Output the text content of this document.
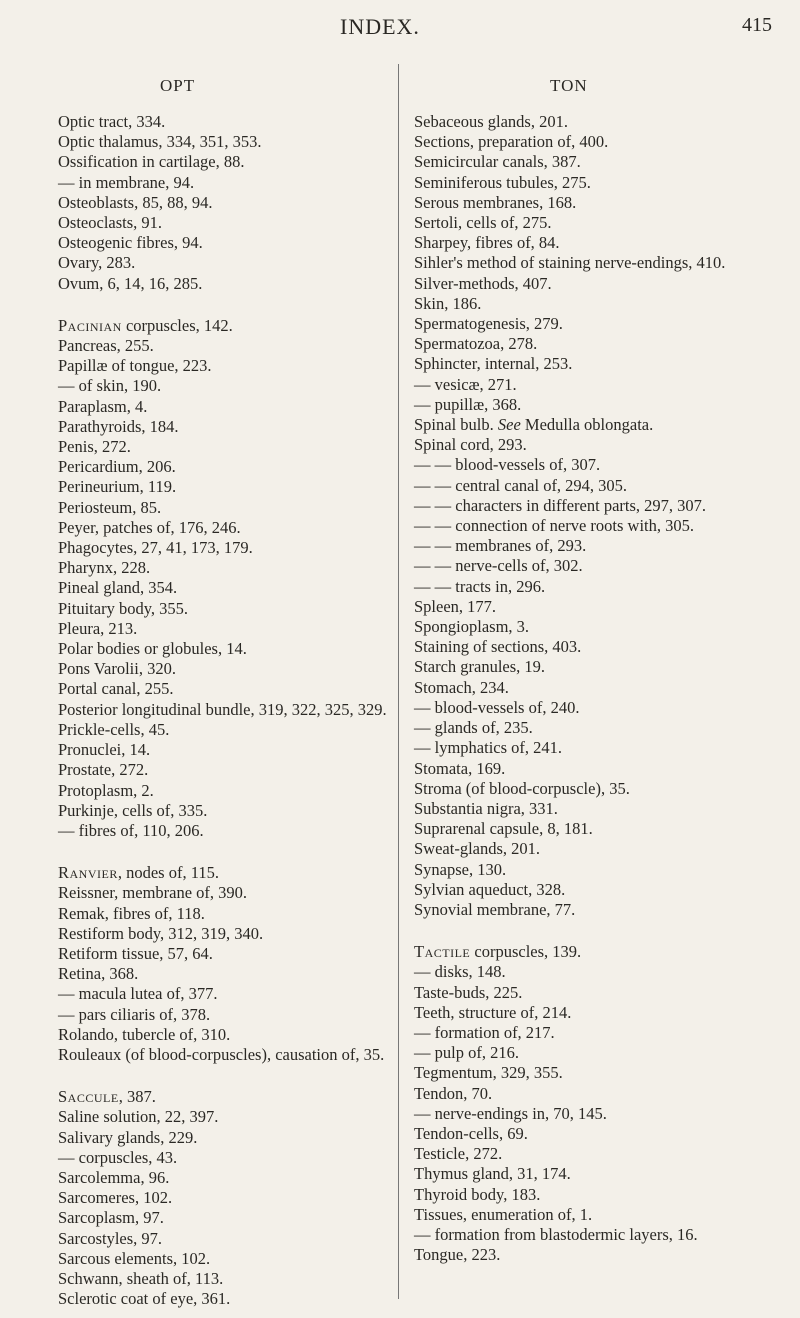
INDEX.	415
OPT	TON

Optic tract, 334.

Optic thalamus, 334, 351, 353.

Ossification in cartilage, 88.

— in membrane, 94.

Osteoblasts, 85, 88, 94.

Osteoclasts, 91.

Osteogenic fibres, 94.

Ovary, 283.

Ovum, 6, 14, 16, 285.

Pacinian corpuscles, 142.

Pancreas, 255.

Papillæ of tongue, 223.

— of skin, 190.

Paraplasm, 4.

Parathyroids, 184.

Penis, 272.

Pericardium, 206.

Perineurium, 119.

Periosteum, 85.

Peyer, patches of, 176, 246.

Phagocytes, 27, 41, 173, 179.

Pharynx, 228.

Pineal gland, 354.

Pituitary body, 355.

Pleura, 213.

Polar bodies or globules, 14.

Pons Varolii, 320.

Portal canal, 255.

Posterior longitudinal bundle, 319, 322, 325, 329.

Prickle-cells, 45.

Pronuclei, 14.

Prostate, 272.

Protoplasm, 2.

Purkinje, cells of, 335.

— fibres of, 110, 206.

Ranvier, nodes of, 115.

Reissner, membrane of, 390.

Remak, fibres of, 118.

Restiform body, 312, 319, 340.

Retiform tissue, 57, 64.

Retina, 368.

— macula lutea of, 377.

— pars ciliaris of, 378.

Rolando, tubercle of, 310.

Rouleaux (of blood-corpuscles), causation of, 35.

Saccule, 387.

Saline solution, 22, 397.

Salivary glands, 229.

— corpuscles, 43.

Sarcolemma, 96.

Sarcomeres, 102.

Sarcoplasm, 97.

Sarcostyles, 97.

Sarcous elements, 102.

Schwann, sheath of, 113.

Sclerotic coat of eye, 361.

Sebaceous glands, 201.

Sections, preparation of, 400.

Semicircular canals, 387.

Seminiferous tubules, 275.

Serous membranes, 168.

Sertoli, cells of, 275.

Sharpey, fibres of, 84.

Sihler's method of staining nerve-endings, 410.

Silver-methods, 407.

Skin, 186.

Spermatogenesis, 279.

Spermatozoa, 278.

Sphincter, internal, 253.

— vesicæ, 271.

— pupillæ, 368.

Spinal bulb. See Medulla oblongata.

Spinal cord, 293.

— — blood-vessels of, 307.

— — central canal of, 294, 305.

— — characters in different parts, 297, 307.

— — connection of nerve roots with, 305.

— — membranes of, 293.

— — nerve-cells of, 302.

— — tracts in, 296.

Spleen, 177.

Spongioplasm, 3.

Staining of sections, 403.

Starch granules, 19.

Stomach, 234.

— blood-vessels of, 240.

— glands of, 235.

— lymphatics of, 241.

Stomata, 169.

Stroma (of blood-corpuscle), 35.

Substantia nigra, 331.

Suprarenal capsule, 8, 181.

Sweat-glands, 201.

Synapse, 130.

Sylvian aqueduct, 328.

Synovial membrane, 77.

Tactile corpuscles, 139.

— disks, 148.

Taste-buds, 225.

Teeth, structure of, 214.

— formation of, 217.

— pulp of, 216.

Tegmentum, 329, 355.

Tendon, 70.

— nerve-endings in, 70, 145.

Tendon-cells, 69.

Testicle, 272.

Thymus gland, 31, 174.

Thyroid body, 183.

Tissues, enumeration of, 1.

— formation from blastodermic layers, 16.

Tongue, 223.
